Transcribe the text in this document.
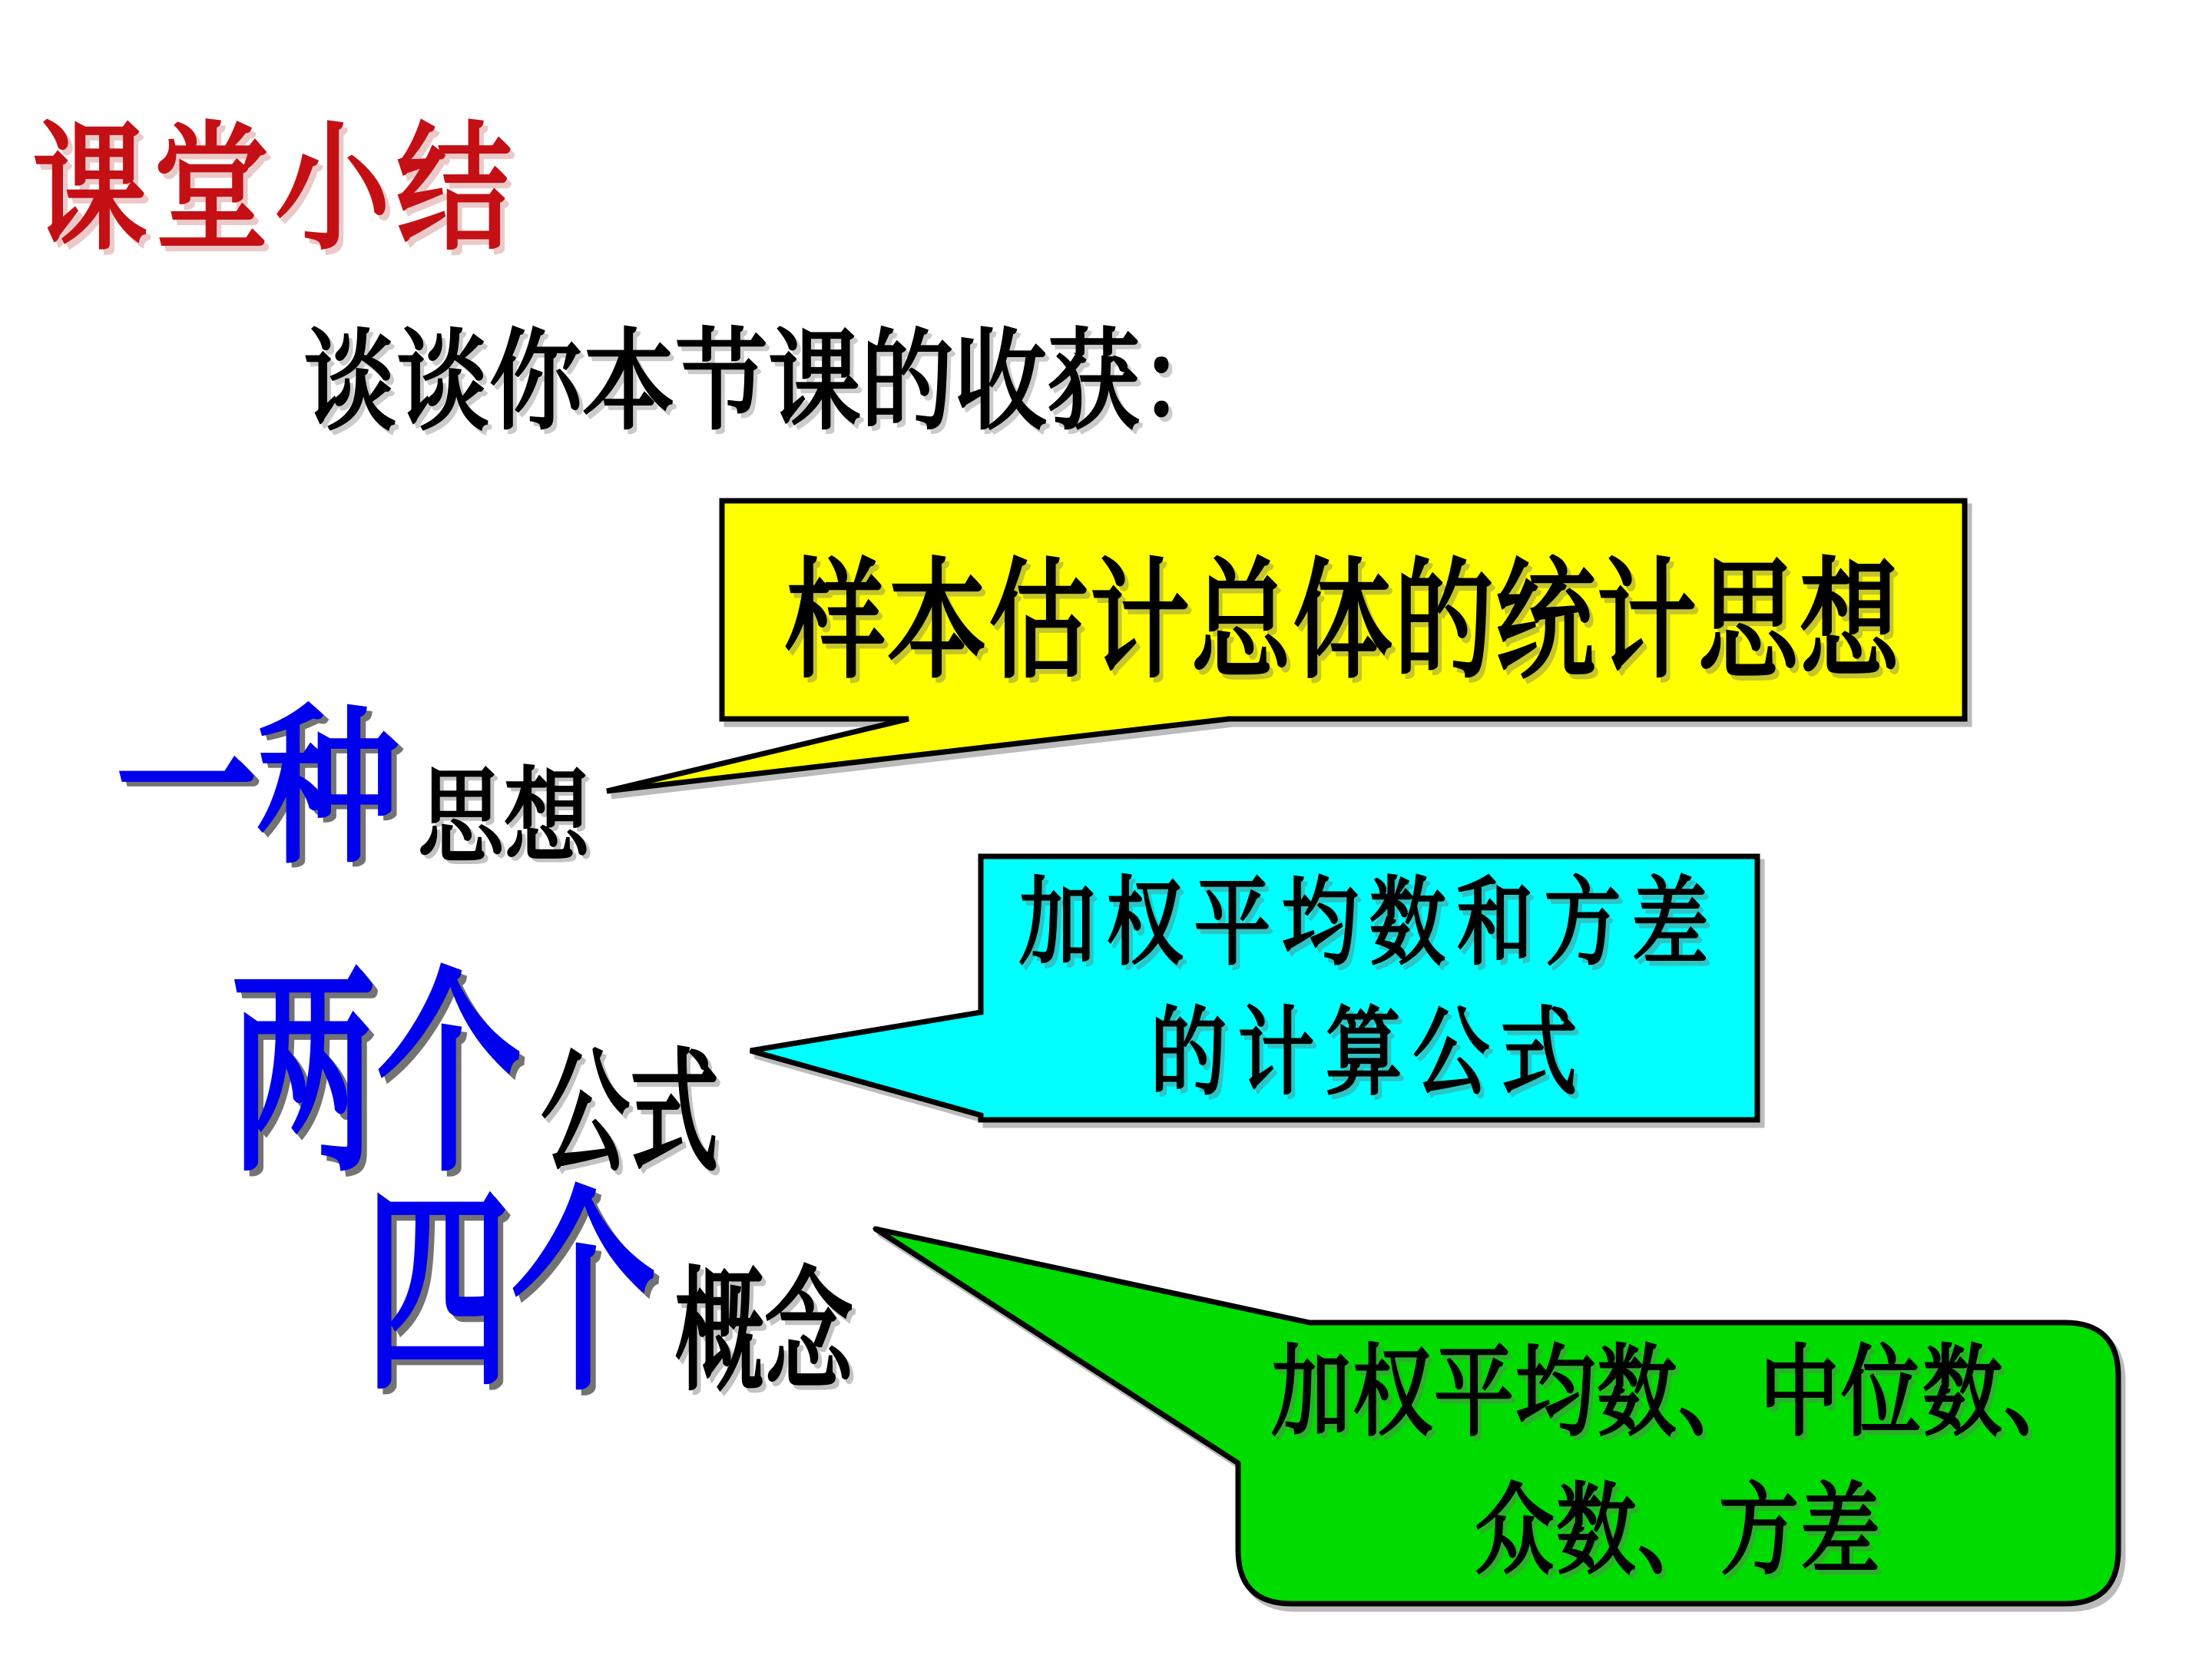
课堂小结
谈谈你本节课的收获：
样本估计总体的统计思想
加权平均数和方差
的计算公式
加权平均数、中位数、
众数、方差
一种 思想
两个 公式
四个 概念
